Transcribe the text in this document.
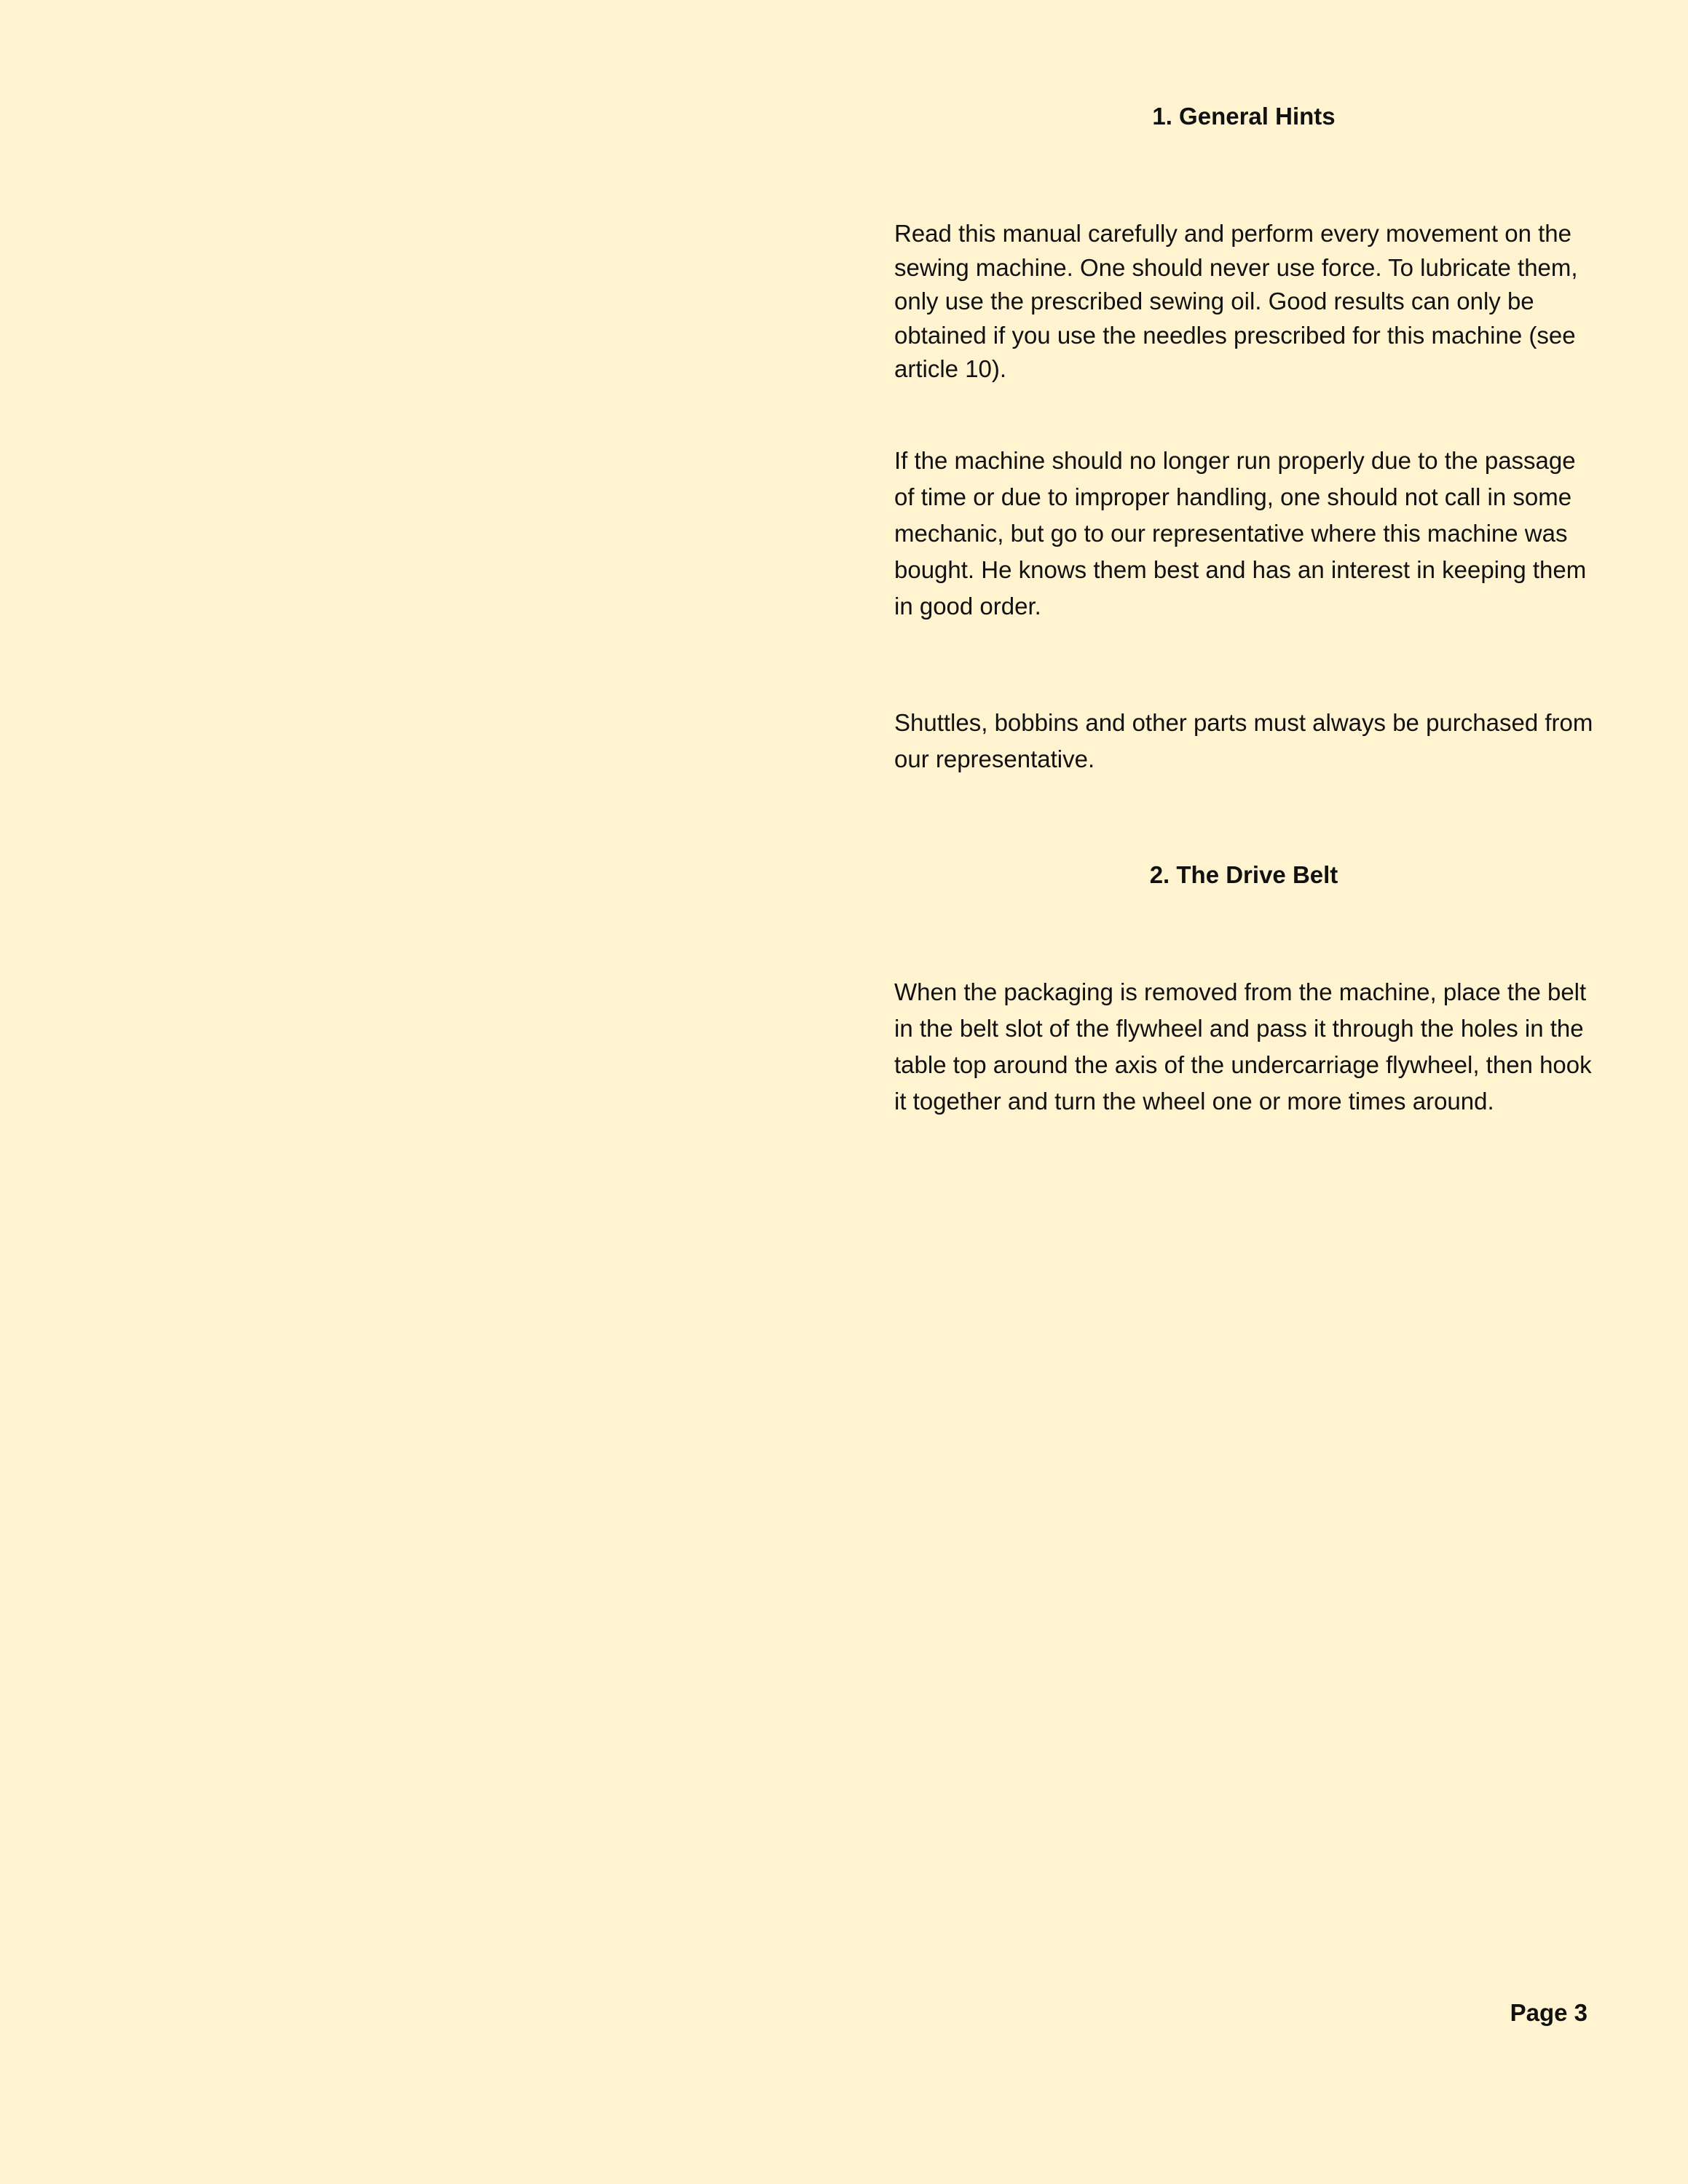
1. General Hints

Read this manual carefully and perform every movement on the sewing machine. One should never use force. To lubricate them, only use the prescribed sewing oil. Good results can only be obtained if you use the needles prescribed for this machine (see article 10).

If the machine should no longer run properly due to the passage of time or due to improper handling, one should not call in some mechanic, but go to our representative where this machine was bought. He knows them best and has an interest in keeping them in good order.

Shuttles, bobbins and other parts must always be purchased from our representative.

2. The Drive Belt

When the packaging is removed from the machine, place the belt in the belt slot of the flywheel and pass it through the holes in the table top around the axis of the undercarriage flywheel, then hook it together and turn the wheel one or more times around.

Page 3
